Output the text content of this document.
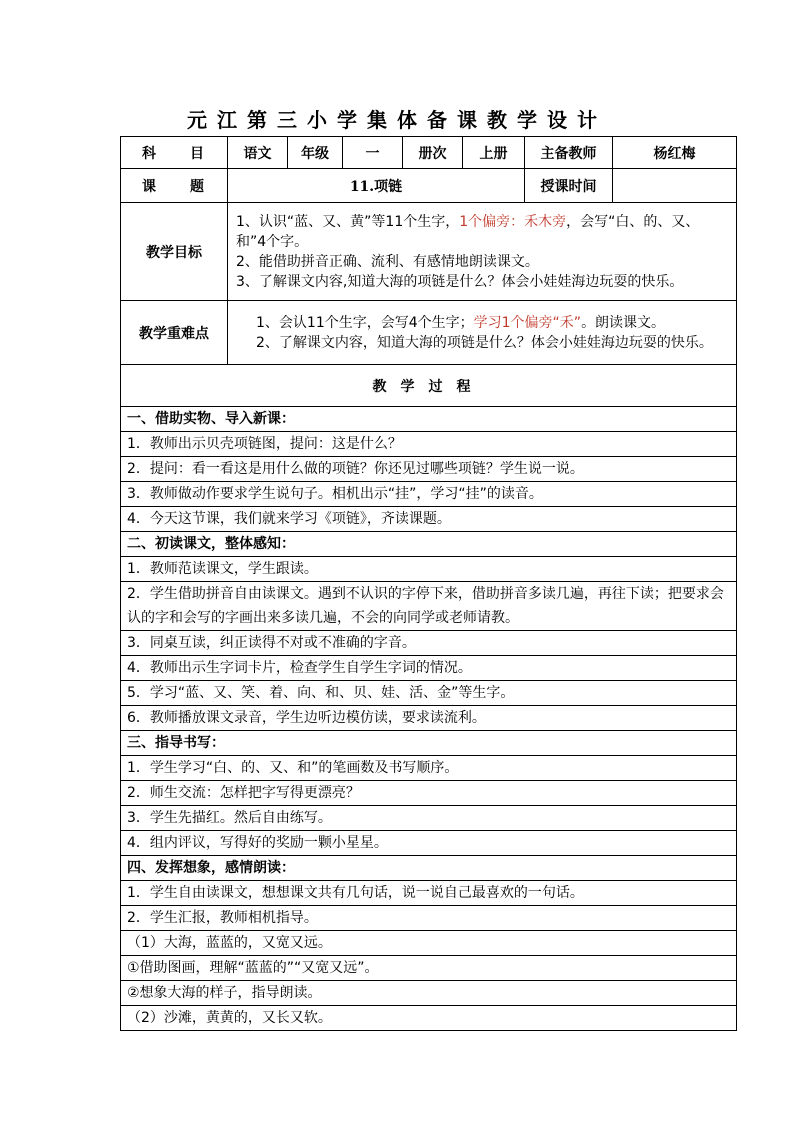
元江第三小学集体备课教学设计
科　　目	语文	年级	一	册次	上册	主备教师	杨红梅
课　　题	11.项链					授课时间	
教学目标	1、认识“蓝、又、黄”等11个生字，1个偏旁：禾木旁，会写“白、的、又、和”4个字。
2、能借助拼音正确、流利、有感情地朗读课文。
3、了解课文内容,知道大海的项链是什么？体会小娃娃海边玩耍的快乐。						

教学重难点	1、会认11个生字，会写4个生字；学习1个偏旁“禾”。朗读课文。
2、了解课文内容，知道大海的项链是什么？体会小娃娃海边玩耍的快乐。						

教学过程							
一、借助实物、导入新课：							
1．教师出示贝壳项链图，提问：这是什么？							
2．提问：看一看这是用什么做的项链？你还见过哪些项链？学生说一说。							
3．教师做动作要求学生说句子。相机出示“挂”，学习“挂”的读音。							
4．今天这节课，我们就来学习《项链》，齐读课题。							
二、初读课文，整体感知：							
1．教师范读课文，学生跟读。							
2．学生借助拼音自由读课文。遇到不认识的字停下来，借助拼音多读几遍，再往下读；把要求会认的字和会写的字画出来多读几遍，不会的向同学或老师请教。							
3．同桌互读，纠正读得不对或不准确的字音。							
4．教师出示生字词卡片，检查学生自学生字词的情况。							
5．学习“蓝、又、笑、着、向、和、贝、娃、活、金”等生字。							
6．教师播放课文录音，学生边听边模仿读，要求读流利。							
三、指导书写：							
1．学生学习“白、的、又、和”的笔画数及书写顺序。							
2．师生交流：怎样把字写得更漂亮？							
3．学生先描红。然后自由练写。							
4．组内评议，写得好的奖励一颗小星星。							
四、发挥想象，感情朗读：							
1．学生自由读课文，想想课文共有几句话，说一说自己最喜欢的一句话。							
2．学生汇报，教师相机指导。							
（1）大海，蓝蓝的，又宽又远。							
①借助图画，理解“蓝蓝的”“又宽又远”。							
②想象大海的样子，指导朗读。							
（2）沙滩，黄黄的，又长又软。							
